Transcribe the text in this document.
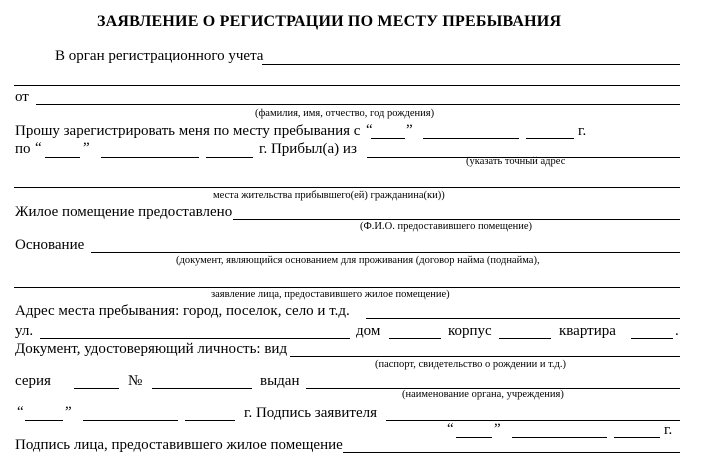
ЗАЯВЛЕНИЕ О РЕГИСТРАЦИИ ПО МЕСТУ ПРЕБЫВАНИЯ
В орган регистрационного учета
от
(фамилия, имя, отчество, год рождения)
Прошу зарегистрировать меня по месту пребывания с “ ”	г.
по “	”	г. Прибыл(а) из
(указать точный адрес
места жительства прибывшего(ей) гражданина(ки))
Жилое помещение предоставлено
(Ф.И.О. предоставившего помещение)
Основание
(документ, являющийся основанием для проживания (договор найма (поднайма),
заявление лица, предоставившего жилое помещение)
Адрес места пребывания: город, поселок, село и т.д.
ул.	дом	корпус	квартира	.
Документ, удостоверяющий личность: вид
(паспорт, свидетельство о рождении и т.д.)
серия	№	выдан
(наименование органа, учреждения)
“	”	г. Подпись заявителя
“	”	г.
Подпись лица, предоставившего жилое помещение
